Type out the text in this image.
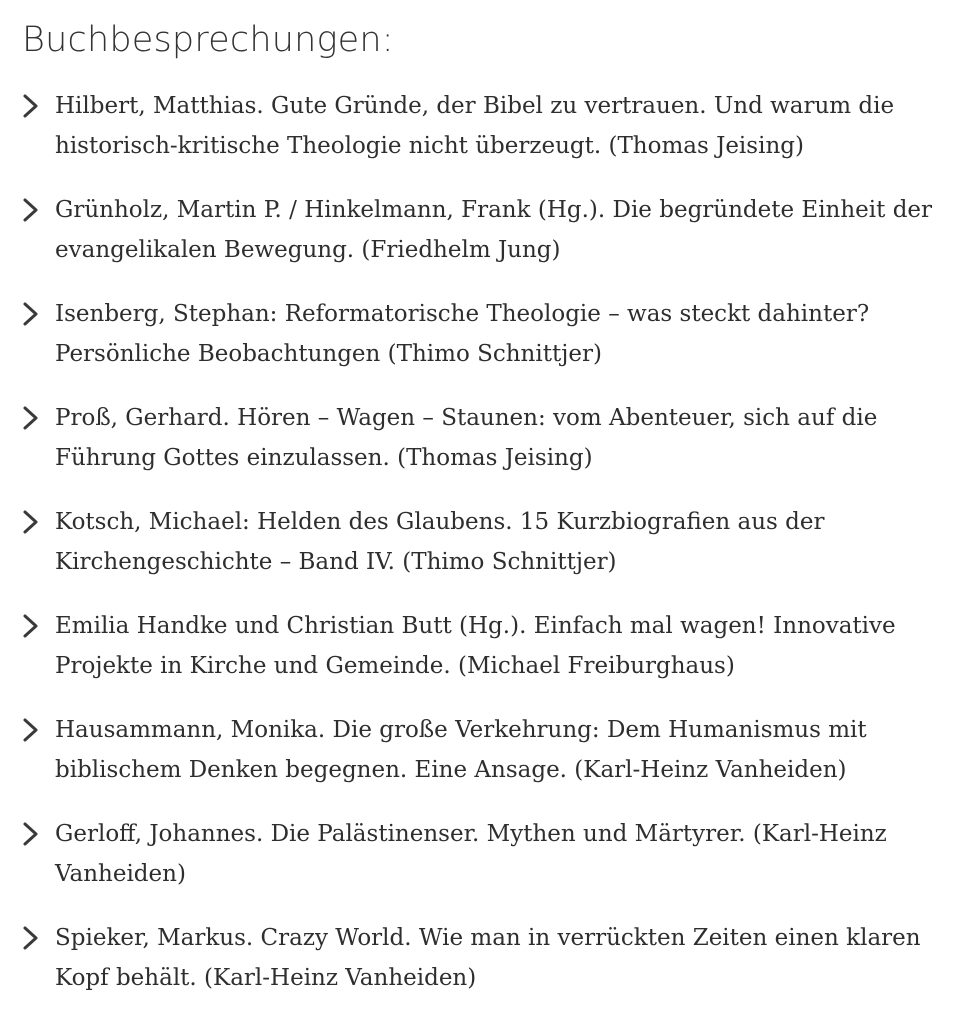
Buchbesprechungen:
Hilbert, Matthias. Gute Gründe, der Bibel zu vertrauen. Und warum die historisch-kritische Theologie nicht überzeugt. (Thomas Jeising)
Grünholz, Martin P. / Hinkelmann, Frank (Hg.). Die begründete Einheit der evangelikalen Bewegung. (Friedhelm Jung)
Isenberg, Stephan: Reformatorische Theologie – was steckt dahinter? Persönliche Beobachtungen (Thimo Schnittjer)
Proß, Gerhard. Hören – Wagen – Staunen: vom Abenteuer, sich auf die Führung Gottes einzulassen. (Thomas Jeising)
Kotsch, Michael: Helden des Glaubens. 15 Kurzbiografien aus der Kirchengeschichte – Band IV. (Thimo Schnittjer)
Emilia Handke und Christian Butt (Hg.). Einfach mal wagen! Innovative Projekte in Kirche und Gemeinde. (Michael Freiburghaus)
Hausammann, Monika. Die große Verkehrung: Dem Humanismus mit biblischem Denken begegnen. Eine Ansage. (Karl-Heinz Vanheiden)
Gerloff, Johannes. Die Palästinenser. Mythen und Märtyrer. (Karl-Heinz Vanheiden)
Spieker, Markus. Crazy World. Wie man in verrückten Zeiten einen klaren Kopf behält. (Karl-Heinz Vanheiden)
